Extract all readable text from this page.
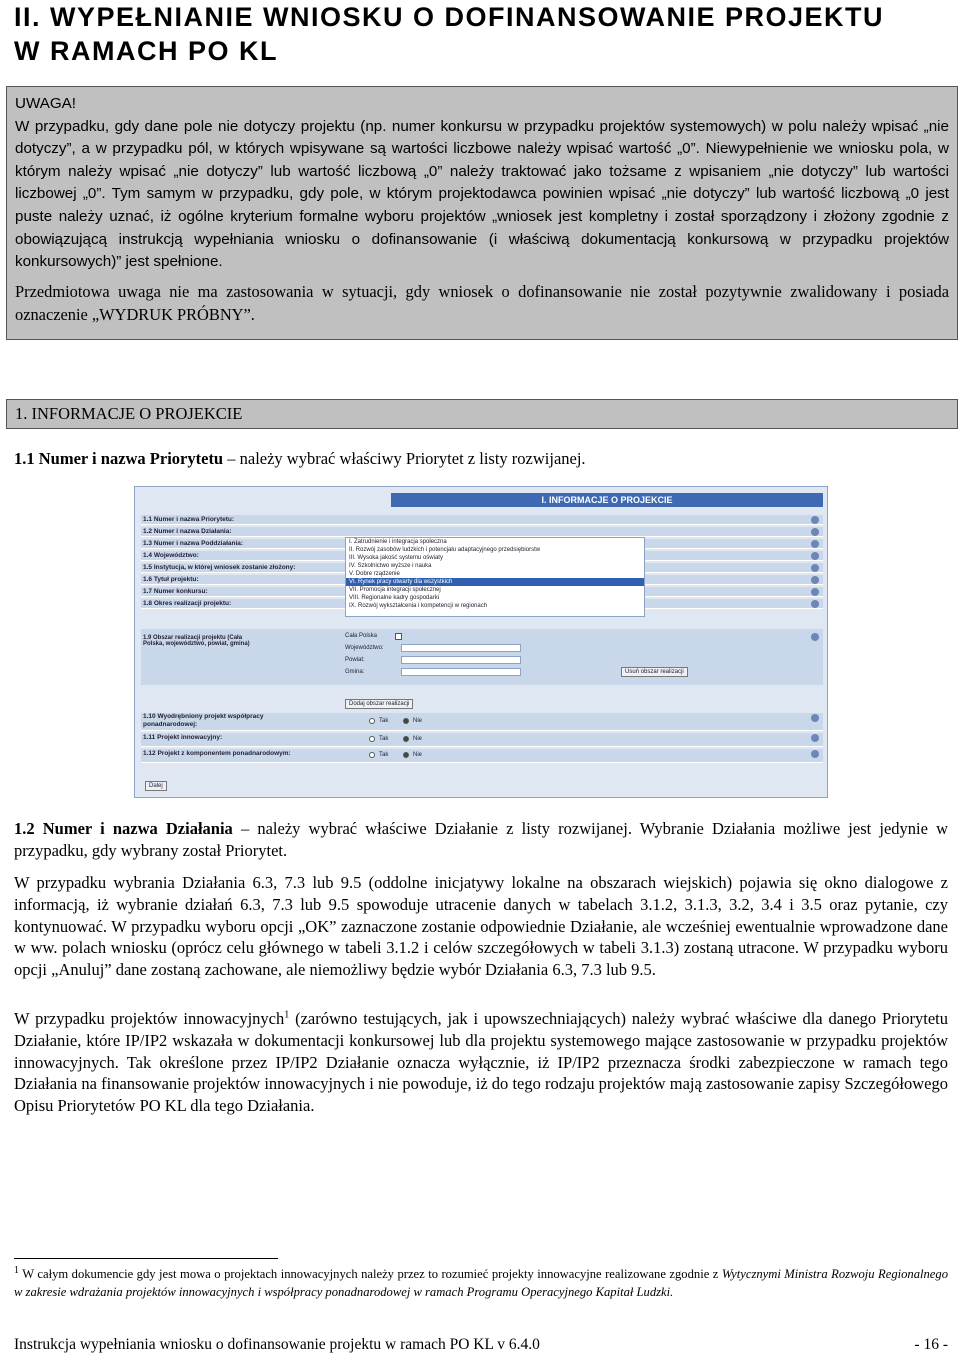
II. WYPEŁNIANIE WNIOSKU O DOFINANSOWANIE PROJEKTU
W RAMACH PO KL

UWAGA!

W przypadku, gdy dane pole nie dotyczy projektu (np. numer konkursu w przypadku projektów systemowych) w polu należy wpisać „nie dotyczy”, a w przypadku pól, w których wpisywane są wartości liczbowe należy wpisać wartość „0”. Niewypełnienie we wniosku pola, w którym należy wpisać „nie dotyczy” lub wartość liczbową „0” należy traktować jako tożsame z wpisaniem „nie dotyczy” lub wartości liczbowej „0”. Tym samym w przypadku, gdy pole, w którym projektodawca powinien wpisać „nie dotyczy” lub wartość liczbową „0 jest puste należy uznać, iż ogólne kryterium formalne wyboru projektów „wniosek jest kompletny i został sporządzony i złożony zgodnie z obowiązującą instrukcją wypełniania wniosku o dofinansowanie (i właściwą dokumentacją konkursową w przypadku projektów konkursowych)” jest spełnione.

Przedmiotowa uwaga nie ma zastosowania w sytuacji, gdy wniosek o dofinansowanie nie został pozytywnie zwalidowany i posiada oznaczenie „WYDRUK PRÓBNY”.

1. INFORMACJE O PROJEKCIE
1.1 Numer i nazwa Priorytetu – należy wybrać właściwy Priorytet z listy rozwijanej.
I. INFORMACJE O PROJEKCIE
1.1 Numer i nazwa Priorytetu:
1.2 Numer i nazwa Działania:
1.3 Numer i nazwa Poddziałania:
1.4 Województwo:
1.5 Instytucja, w której wniosek zostanie złożony:
1.6 Tytuł projektu:
1.7 Numer konkursu:
1.8 Okres realizacji projektu:
I. Zatrudnienie i integracja społeczna
II. Rozwój zasobów ludzkich i potencjału adaptacyjnego przedsiębiorstw
III. Wysoka jakość systemu oświaty
IV. Szkolnictwo wyższe i nauka
V. Dobre rządzenie
VI. Rynek pracy otwarty dla wszystkich
VII. Promocja integracji społecznej
VIII. Regionalne kadry gospodarki
IX. Rozwój wykształcenia i kompetencji w regionach
1.9 Obszar realizacji projektu (Cała Polska, województwo, powiat, gmina)
Cała Polska
Województwo:
Powiat:
Gmina:	Usuń obszar realizacji
Dodaj obszar realizacji
1.10 Wyodrębniony projekt współpracy ponadnarodowej:	Tak	Nie
1.11 Projekt innowacyjny:	Tak	Nie
1.12 Projekt z komponentem ponadnarodowym:	Tak	Nie
Dalej
1.2 Numer i nazwa Działania – należy wybrać właściwe Działanie z listy rozwijanej. Wybranie Działania możliwe jest jedynie w przypadku, gdy wybrany został Priorytet.
W przypadku wybrania Działania 6.3, 7.3 lub 9.5 (oddolne inicjatywy lokalne na obszarach wiejskich) pojawia się okno dialogowe z informacją, iż wybranie działań 6.3, 7.3 lub 9.5 spowoduje utracenie danych w tabelach 3.1.2, 3.1.3, 3.2, 3.4 i 3.5 oraz pytanie, czy kontynuować. W przypadku wyboru opcji „OK” zaznaczone zostanie odpowiednie Działanie, ale wcześniej ewentualnie wprowadzone dane w ww. polach wniosku (oprócz celu głównego w tabeli 3.1.2 i celów szczegółowych w tabeli 3.1.3) zostaną utracone. W przypadku wyboru opcji „Anuluj” dane zostaną zachowane, ale niemożliwy będzie wybór Działania 6.3, 7.3 lub 9.5.
W przypadku projektów innowacyjnych$^1$ (zarówno testujących, jak i upowszechniających) należy wybrać właściwe dla danego Priorytetu Działanie, które IP/IP2 wskazała w dokumentacji konkursowej lub dla projektu systemowego mające zastosowanie w przypadku projektów innowacyjnych. Tak określone przez IP/IP2 Działanie oznacza wyłącznie, iż IP/IP2 przeznacza środki zabezpieczone w ramach tego Działania na finansowanie projektów innowacyjnych i nie powoduje, iż do tego rodzaju projektów mają zastosowanie zapisy Szczegółowego Opisu Priorytetów PO KL dla tego Działania.
$^1$ W całym dokumencie gdy jest mowa o projektach innowacyjnych należy przez to rozumieć projekty innowacyjne realizowane zgodnie z Wytycznymi Ministra Rozwoju Regionalnego w zakresie wdrażania projektów innowacyjnych i współpracy ponadnarodowej w ramach Programu Operacyjnego Kapitał Ludzki.
Instrukcja wypełniania wniosku o dofinansowanie projektu w ramach PO KL v 6.4.0	- 16 -
